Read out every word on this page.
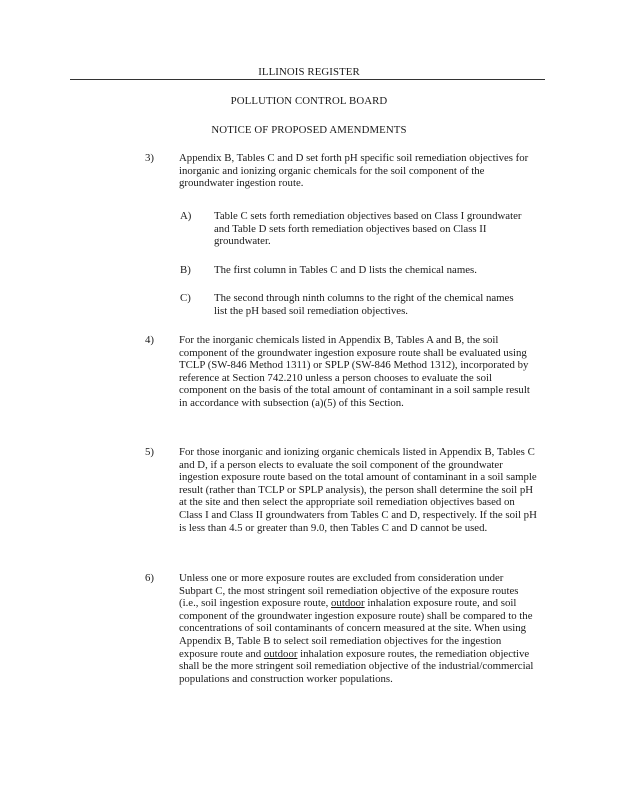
ILLINOIS REGISTER
POLLUTION CONTROL BOARD
NOTICE OF PROPOSED AMENDMENTS
3) Appendix B, Tables C and D set forth pH specific soil remediation objectives for inorganic and ionizing organic chemicals for the soil component of the groundwater ingestion route.
A) Table C sets forth remediation objectives based on Class I groundwater and Table D sets forth remediation objectives based on Class II groundwater.
B) The first column in Tables C and D lists the chemical names.
C) The second through ninth columns to the right of the chemical names list the pH based soil remediation objectives.
4) For the inorganic chemicals listed in Appendix B, Tables A and B, the soil component of the groundwater ingestion exposure route shall be evaluated using TCLP (SW-846 Method 1311) or SPLP (SW-846 Method 1312), incorporated by reference at Section 742.210 unless a person chooses to evaluate the soil component on the basis of the total amount of contaminant in a soil sample result in accordance with subsection (a)(5) of this Section.
5) For those inorganic and ionizing organic chemicals listed in Appendix B, Tables C and D, if a person elects to evaluate the soil component of the groundwater ingestion exposure route based on the total amount of contaminant in a soil sample result (rather than TCLP or SPLP analysis), the person shall determine the soil pH at the site and then select the appropriate soil remediation objectives based on Class I and Class II groundwaters from Tables C and D, respectively. If the soil pH is less than 4.5 or greater than 9.0, then Tables C and D cannot be used.
6) Unless one or more exposure routes are excluded from consideration under Subpart C, the most stringent soil remediation objective of the exposure routes (i.e., soil ingestion exposure route, outdoor inhalation exposure route, and soil component of the groundwater ingestion exposure route) shall be compared to the concentrations of soil contaminants of concern measured at the site. When using Appendix B, Table B to select soil remediation objectives for the ingestion exposure route and outdoor inhalation exposure routes, the remediation objective shall be the more stringent soil remediation objective of the industrial/commercial populations and construction worker populations.
